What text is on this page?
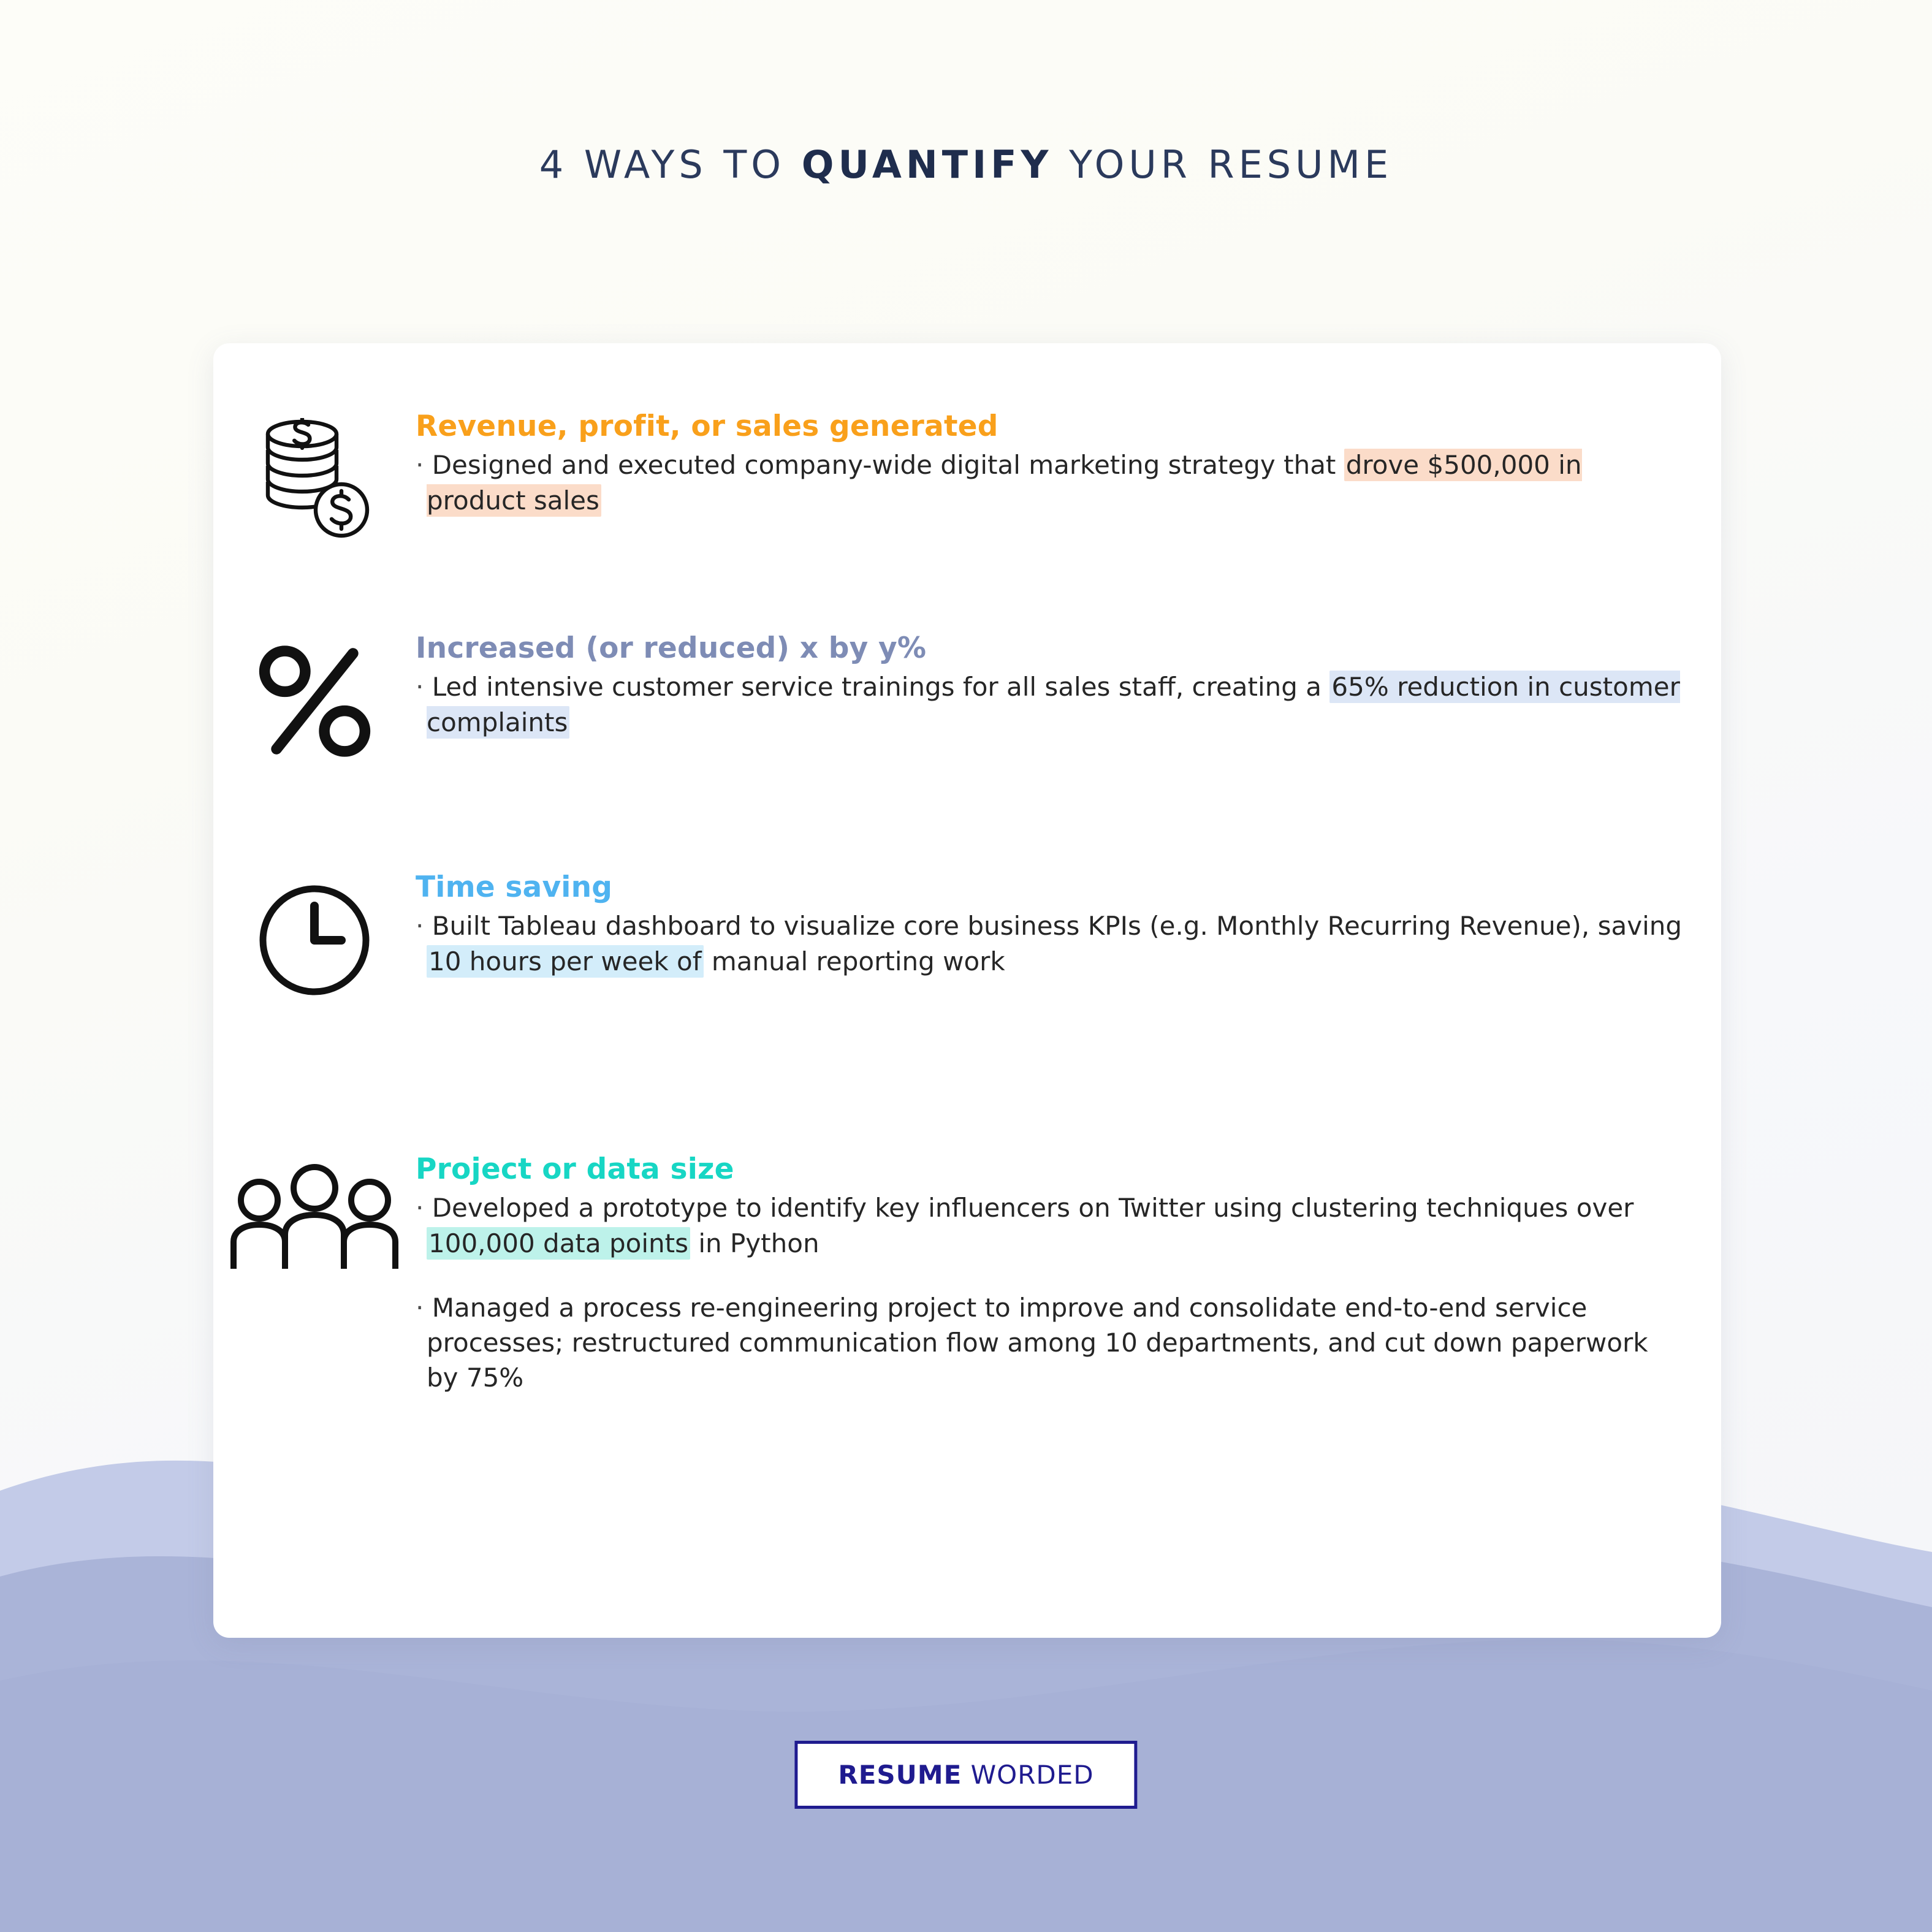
4 WAYS TO QUANTIFY YOUR RESUME
Revenue, profit, or sales generated

· Designed and executed company-wide digital marketing strategy that drove $500,000 in product sales

Increased (or reduced) x by y%

· Led intensive customer service trainings for all sales staff, creating a 65% reduction in customer complaints

Time saving

· Built Tableau dashboard to visualize core business KPIs (e.g. Monthly Recurring Revenue), saving 10 hours per week of manual reporting work

Project or data size

· Developed a prototype to identify key influencers on Twitter using clustering techniques over 100,000 data points in Python

· Managed a process re-engineering project to improve and consolidate end-to-end service processes; restructured communication flow among 10 departments, and cut down paperwork by 75%

RESUME WORDED
